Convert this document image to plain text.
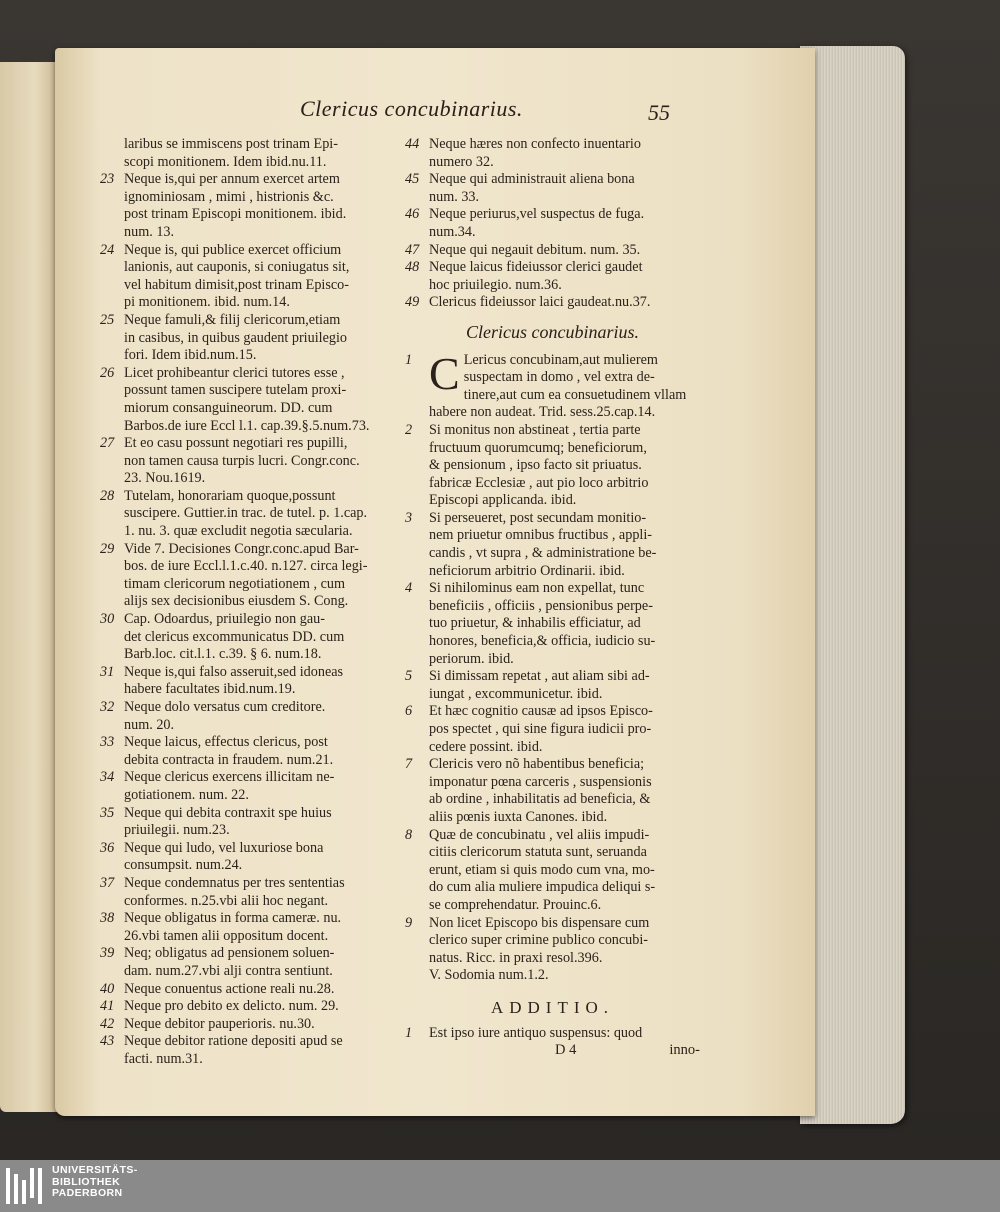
Clericus concubinarius.	55
laribus se immiscens post trinam Epi-
scopi monitionem. Idem ibid.nu.11.
23 Neque is,qui per annum exercet artem
ignominiosam , mimi , histrionis &c.
post trinam Episcopi monitionem. ibid.
num. 13.
24 Neque is, qui publice exercet officium
lanionis, aut cauponis, si coniugatus sit,
vel habitum dimisit,post trinam Episco-
pi monitionem. ibid. num.14.
25 Neque famuli,& filij clericorum,etiam
in casibus, in quibus gaudent priuilegio
fori. Idem ibid.num.15.
26 Licet prohibeantur clerici tutores esse ,
possunt tamen suscipere tutelam proxi-
miorum consanguineorum. DD. cum
Barbos.de iure Eccl l.1. cap.39.§.5.num.73.
27 Et eo casu possunt negotiari res pupilli,
non tamen causa turpis lucri. Congr.conc.
23. Nou.1619.
28 Tutelam, honorariam quoque,possunt
suscipere. Guttier.in trac. de tutel. p. 1.cap.
1. nu. 3. quæ excludit negotia sæcularia.
29 Vide 7. Decisiones Congr.conc.apud Bar-
bos. de iure Eccl.l.1.c.40. n.127. circa legi-
timam clericorum negotiationem , cum
alijs sex decisionibus eiusdem S. Cong.
30 Cap. Odoardus, priuilegio non gau-
det clericus excommunicatus DD. cum
Barb.loc. cit.l.1. c.39. § 6. num.18.
31 Neque is,qui falso asseruit,sed idoneas
habere facultates ibid.num.19.
32 Neque dolo versatus cum creditore.
num. 20.
33 Neque laicus, effectus clericus, post
debita contracta in fraudem. num.21.
34 Neque clericus exercens illicitam ne-
gotiationem. num. 22.
35 Neque qui debita contraxit spe huius
priuilegii. num.23.
36 Neque qui ludo, vel luxuriose bona
consumpsit. num.24.
37 Neque condemnatus per tres sententias
conformes. n.25.vbi alii hoc negant.
38 Neque obligatus in forma cameræ. nu.
26.vbi tamen alii oppositum docent.
39 Neq; obligatus ad pensionem soluen-
dam. num.27.vbi alji contra sentiunt.
40 Neque conuentus actione reali nu.28.
41 Neque pro debito ex delicto. num. 29.
42 Neque debitor pauperioris. nu.30.
43 Neque debitor ratione depositi apud se
facti. num.31.
44 Neque hæres non confecto inuentario
numero 32.
45 Neque qui administrauit aliena bona
num. 33.
46 Neque periurus,vel suspectus de fuga.
num.34.
47 Neque qui negauit debitum. num. 35.
48 Neque laicus fideiussor clerici gaudet
hoc priuilegio. num.36.
49 Clericus fideiussor laici gaudeat.nu.37.
Clericus concubinarius.
1 C Lericus concubinam,aut mulierem
suspectam in domo , vel extra de-
tinere,aut cum ea consuetudinem vllam
habere non audeat. Trid. sess.25.cap.14.
2	Si monitus non abstineat , tertia parte
fructuum quorumcumq; beneficiorum,
& pensionum , ipso facto sit priuatus.
fabricæ Ecclesiæ , aut pio loco arbitrio
Episcopi applicanda. ibid.
3	Si perseueret, post secundam monitio-
nem priuetur omnibus fructibus , appli-
candis , vt supra , & administratione be-
neficiorum arbitrio Ordinarii. ibid.
4	Si nihilominus eam non expellat, tunc
beneficiis , officiis , pensionibus perpe-
tuo priuetur, & inhabilis efficiatur, ad
honores, beneficia,& officia, iudicio su-
periorum. ibid.
5	Si dimissam repetat , aut aliam sibi ad-
iungat , excommunicetur. ibid.
6	Et hæc cognitio causæ ad ipsos Episco-
pos spectet , qui sine figura iudicii pro-
cedere possint. ibid.
7	Clericis vero nõ habentibus beneficia;
imponatur pœna carceris , suspensionis
ab ordine , inhabilitatis ad beneficia, &
aliis pœnis iuxta Canones. ibid.
8	Quæ de concubinatu , vel aliis impudi-
citiis clericorum statuta sunt, seruanda
erunt, etiam si quis modo cum vna, mo-
do cum alia muliere impudica deliqui s-
se comprehendatur. Prouinc.6.
9	Non licet Episcopo bis dispensare cum
clerico super crimine publico concubi-
natus. Ricc. in praxi resol.396.
V. Sodomia num.1.2.
ADDITIO.
1	Est ipso iure antiquo suspensus: quod
D 4	inno-
UNIVERSITÄTS-
BIBLIOTHEK
PADERBORN
